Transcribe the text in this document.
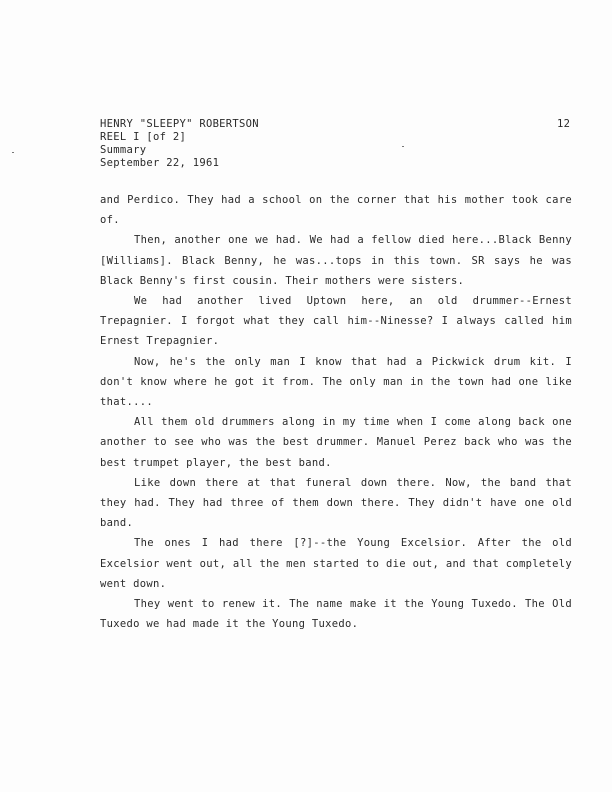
HENRY "SLEEPY" ROBERTSON
REEL I [of 2]
Summary
September 22, 1961
12

and Perdico. They had a school on the corner that his mother took care of.

Then, another one we had. We had a fellow died here...Black Benny [Williams]. Black Benny, he was...tops in this town. SR says he was Black Benny's first cousin. Their mothers were sisters.

We had another lived Uptown here, an old drummer--Ernest Trepagnier. I forgot what they call him--Ninesse? I always called him Ernest Trepagnier.

Now, he's the only man I know that had a Pickwick drum kit. I don't know where he got it from. The only man in the town had one like that....

All them old drummers along in my time when I come along back one another to see who was the best drummer. Manuel Perez back who was the best trumpet player, the best band.

Like down there at that funeral down there. Now, the band that they had. They had three of them down there. They didn't have one old band.

The ones I had there [?]--the Young Excelsior. After the old Excelsior went out, all the men started to die out, and that completely went down.

They went to renew it. The name make it the Young Tuxedo. The Old Tuxedo we had made it the Young Tuxedo.
